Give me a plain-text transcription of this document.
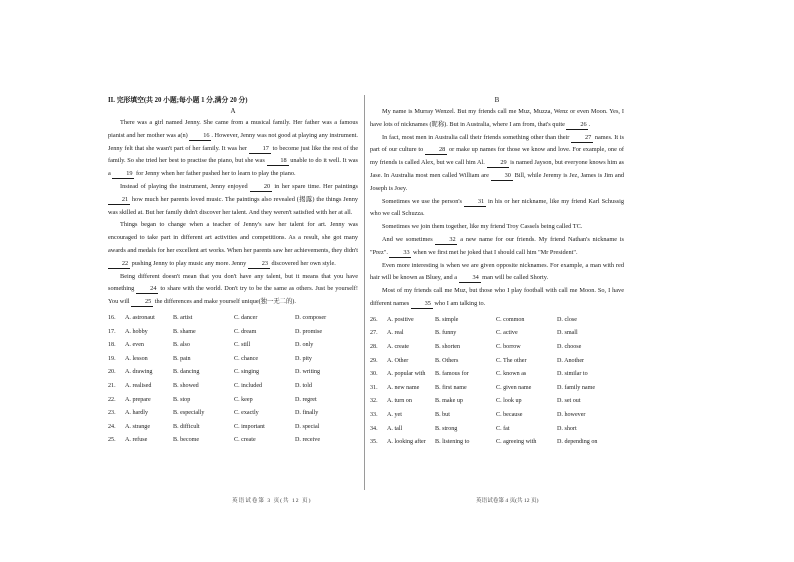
II. 完形填空(共 20 小题;每小题 1 分,满分 20 分)
A

There was a girl named Jenny. She came from a musical family. Her father was a famous pianist and her mother was a(n) 16 . However, Jenny was not good at playing any instrument. Jenny felt that she wasn't part of her family. It was her 17 to become just like the rest of the family. So she tried her best to practise the piano, but she was 18 unable to do it well. It was a 19 for Jenny when her father pushed her to learn to play the piano.

Instead of playing the instrument, Jenny enjoyed 20 in her spare time. Her paintings 21 how much her parents loved music. The paintings also revealed (揭露) the things Jenny was skilled at. But her family didn't discover her talent. And they weren't satisfied with her at all.

Things began to change when a teacher of Jenny's saw her talent for art. Jenny was encouraged to take part in different art activities and competitions. As a result, she got many awards and medals for her excellent art works. When her parents saw her achievements, they didn't 22 pushing Jenny to play music any more. Jenny 23 discovered her own style.

Being different doesn't mean that you don't have any talent, but it means that you have something 24 to share with the world. Don't try to be the same as others. Just be yourself! You will 25 the differences and make yourself unique(独一无二的).

16.	A. astronaut	B. artist	C. dancer	D. composer
17.	A. hobby	B. shame	C. dream	D. promise
18.	A. even	B. also	C. still	D. only
19.	A. lesson	B. pain	C. chance	D. pity
20.	A. drawing	B. dancing	C. singing	D. writing
21.	A. realised	B. showed	C. included	D. told
22.	A. prepare	B. stop	C. keep	D. regret
23.	A. hardly	B. especially	C. exactly	D. finally
24.	A. strange	B. difficult	C. important	D. special
25.	A. refuse	B. become	C. create	D. receive
B

My name is Murray Wenzel. But my friends call me Muz, Muzza, Wenz or even Moon. Yes, I have lots of nicknames (昵称). But in Australia, where I am from, that's quite 26 .

In fact, most men in Australia call their friends something other than their 27 names. It is part of our culture to 28 or make up names for those we know and love. For example, one of my friends is called Alex, but we call him Al. 29 is named Jayson, but everyone knows him as Jase. In Australia most men called William are 30 Bill, while Jeremy is Jez, James is Jim and Joseph is Joey.

Sometimes we use the person's 31 in his or her nickname, like my friend Karl Schussig who we call Schuzza.

Sometimes we join them together, like my friend Troy Cassels being called TC.

And we sometimes 32 a new name for our friends. My friend Nathan's nickname is "Prez". 33 when we first met he joked that I should call him "Mr President".

Even more interesting is when we are given opposite nicknames. For example, a man with red hair will be known as Bluey, and a 34 man will be called Shorty.

Most of my friends call me Muz, but those who I play football with call me Moon. So, I have different names 35 who I am talking to.

26.	A. positive	B. simple	C. common	D. close
27.	A. real	B. funny	C. active	D. small
28.	A. create	B. shorten	C. borrow	D. choose
29.	A. Other	B. Others	C. The other	D. Another
30.	A. popular with	B. famous for	C. known as	D. similar to
31.	A. new name	B. first name	C. given name	D. family name
32.	A. turn on	B. make up	C. look up	D. set out
33.	A. yet	B. but	C. because	D. however
34.	A. tall	B. strong	C. fat	D. short
35.	A. looking after	B. listening to	C. agreeing with	D. depending on
英语试卷第 3 页(共 12 页)	英语试卷第 4 页(共 12 页)
